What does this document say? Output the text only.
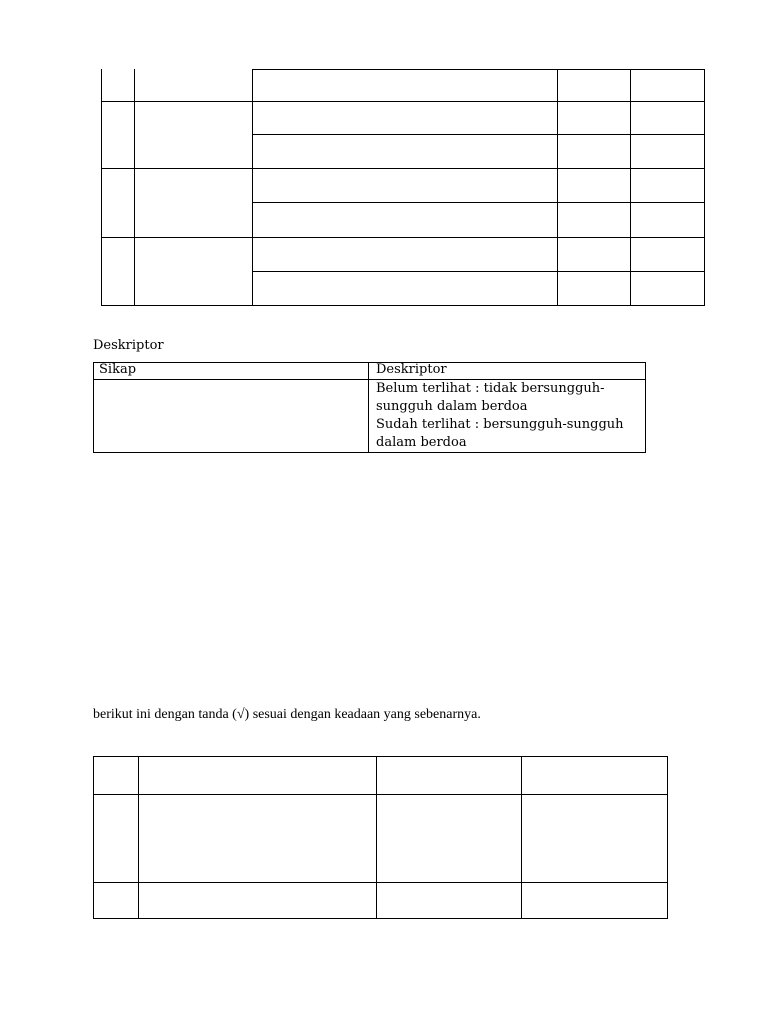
Deskriptor
Sikap	Deskriptor
Belum terlihat : tidak bersungguh-
sungguh dalam berdoa
Sudah terlihat : bersungguh-sungguh
dalam berdoa
berikut ini dengan tanda (√) sesuai dengan keadaan yang sebenarnya.
